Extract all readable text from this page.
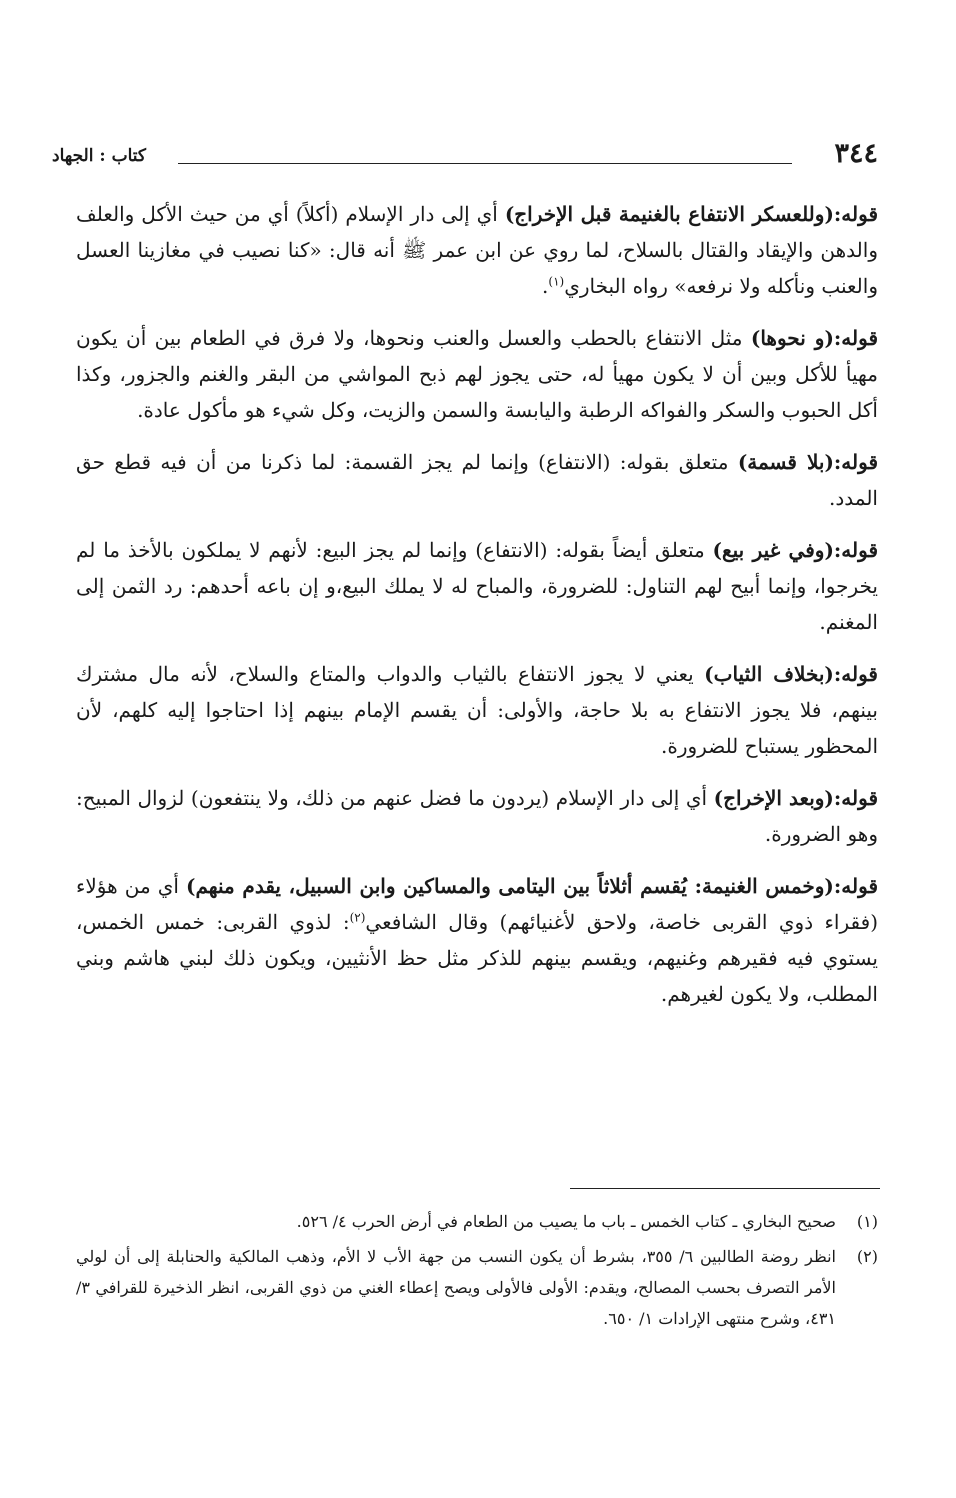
٣٤٤
كتاب : الجهاد

قوله:(وللعسكر الانتفاع بالغنيمة قبل الإخراج) أي إلى دار الإسلام (أكلاً) أي من حيث الأكل والعلف والدهن والإيقاد والقتال بالسلاح، لما روي عن ابن عمر ﷺ أنه قال: «كنا نصيب في مغازينا العسل والعنب ونأكله ولا نرفعه» رواه البخاري$^{(١)}$.

قوله:(و نحوها) مثل الانتفاع بالحطب والعسل والعنب ونحوها، ولا فرق في الطعام بين أن يكون مهيأ للأكل وبين أن لا يكون مهيأ له، حتى يجوز لهم ذبح المواشي من البقر والغنم والجزور، وكذا أكل الحبوب والسكر والفواكه الرطبة واليابسة والسمن والزيت، وكل شيء هو مأكول عادة.

قوله:(بلا قسمة) متعلق بقوله: (الانتفاع) وإنما لم يجز القسمة: لما ذكرنا من أن فيه قطع حق المدد.

قوله:(وفي غير بيع) متعلق أيضاً بقوله: (الانتفاع) وإنما لم يجز البيع: لأنهم لا يملكون بالأخذ ما لم يخرجوا، وإنما أبيح لهم التناول: للضرورة، والمباح له لا يملك البيع،و إن باعه أحدهم: رد الثمن إلى المغنم.

قوله:(بخلاف الثياب) يعني لا يجوز الانتفاع بالثياب والدواب والمتاع والسلاح، لأنه مال مشترك بينهم، فلا يجوز الانتفاع به بلا حاجة، والأولى: أن يقسم الإمام بينهم إذا احتاجوا إليه كلهم، لأن المحظور يستباح للضرورة.

قوله:(وبعد الإخراج) أي إلى دار الإسلام (يردون ما فضل عنهم من ذلك، ولا ينتفعون) لزوال المبيح: وهو الضرورة.

قوله:(وخمس الغنيمة: يُقسم أثلاثاً بين اليتامى والمساكين وابن السبيل، يقدم منهم) أي من هؤلاء (فقراء ذوي القربى خاصة، ولاحق لأغنيائهم) وقال الشافعي$^{(٢)}$: لذوي القربى: خمس الخمس، يستوي فيه فقيرهم وغنيهم، ويقسم بينهم للذكر مثل حظ الأنثيين، ويكون ذلك لبني هاشم وبني المطلب، ولا يكون لغيرهم.

(١)
صحيح البخاري ـ كتاب الخمس ـ باب ما يصيب من الطعام في أرض الحرب ٤/ ٥٢٦.
(٢)
انظر روضة الطالبين ٦/ ٣٥٥، بشرط أن يكون النسب من جهة الأب لا الأم، وذهب المالكية والحنابلة إلى أن لولي الأمر التصرف بحسب المصالح، ويقدم: الأولى فالأولى ويصح إعطاء الغني من ذوي القربى، انظر الذخيرة للقرافي ٣/ ٤٣١، وشرح منتهى الإرادات ١/ ٦٥٠.
